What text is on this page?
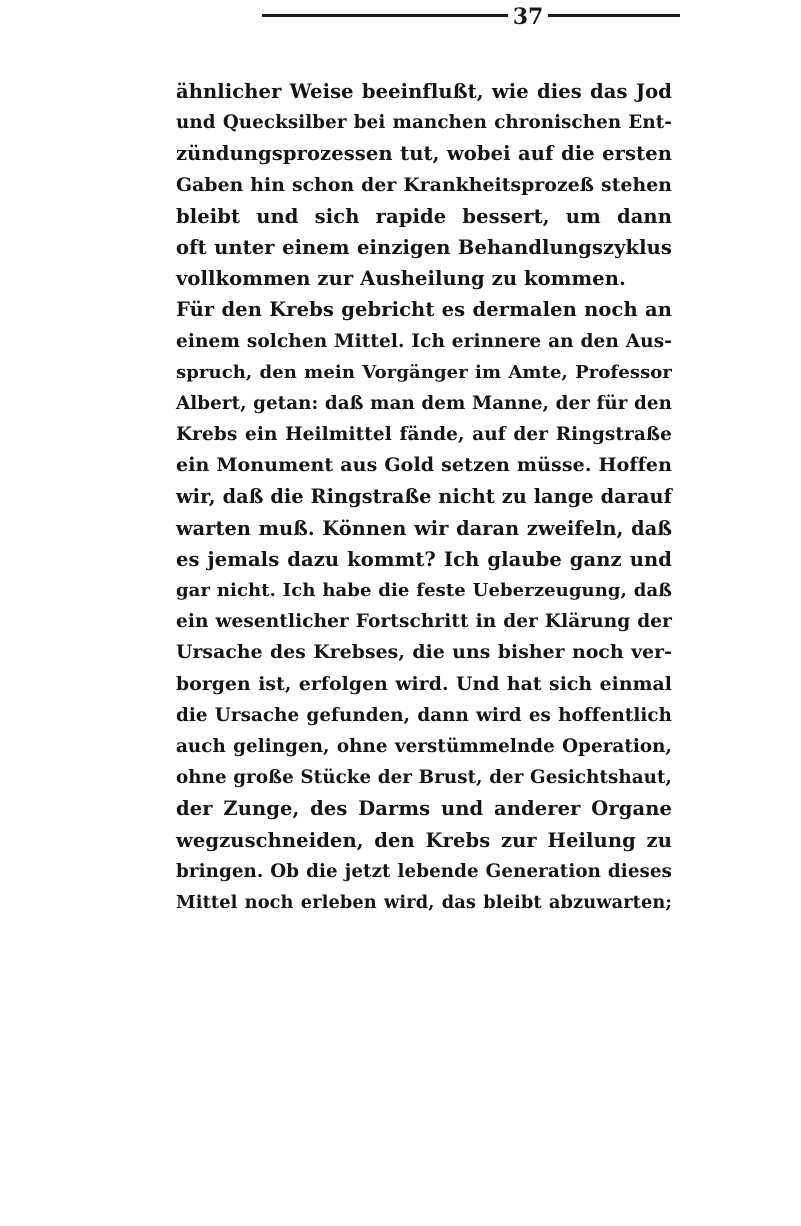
37
ähnlicher Weise beeinflußt, wie dies das Jod
und Quecksilber bei manchen chronischen Ent-
zündungsprozessen tut, wobei auf die ersten
Gaben hin schon der Krankheitsprozeß stehen
bleibt und sich rapide bessert, um dann
oft unter einem einzigen Behandlungszyklus
vollkommen zur Ausheilung zu kommen.
Für den Krebs gebricht es dermalen noch an
einem solchen Mittel. Ich erinnere an den Aus-
spruch, den mein Vorgänger im Amte, Professor
Albert, getan: daß man dem Manne, der für den
Krebs ein Heilmittel fände, auf der Ringstraße
ein Monument aus Gold setzen müsse. Hoffen
wir, daß die Ringstraße nicht zu lange darauf
warten muß. Können wir daran zweifeln, daß
es jemals dazu kommt? Ich glaube ganz und
gar nicht. Ich habe die feste Ueberzeugung, daß
ein wesentlicher Fortschritt in der Klärung der
Ursache des Krebses, die uns bisher noch ver-
borgen ist, erfolgen wird. Und hat sich einmal
die Ursache gefunden, dann wird es hoffentlich
auch gelingen, ohne verstümmelnde Operation,
ohne große Stücke der Brust, der Gesichtshaut,
der Zunge, des Darms und anderer Organe
wegzuschneiden, den Krebs zur Heilung zu
bringen. Ob die jetzt lebende Generation dieses
Mittel noch erleben wird, das bleibt abzuwarten;
